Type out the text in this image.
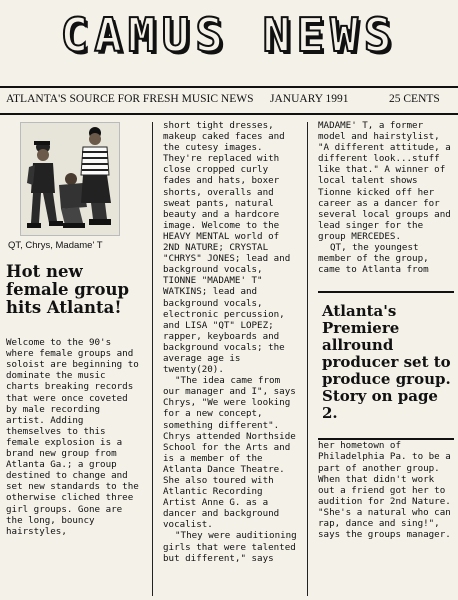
CAMUS NEWS
ATLANTA'S SOURCE FOR FRESH MUSIC NEWS JANUARY 1991	25 CENTS
QT, Chrys, Madame' T
Hot new female group hits Atlanta!

Welcome to the 90's where female groups and soloist are beginning to dominate the music charts breaking records that were once coveted by male recording artist. Adding themselves to this female explosion is a brand new group from Atlanta Ga.; a group destined to change and set new standards to the otherwise cliched three girl groups. Gone are the long, bouncy hairstyles,

short tight dresses, makeup caked faces and the cutesy images. They're replaced with close cropped curly fades and hats, boxer shorts, overalls and sweat pants, natural beauty and a hardcore image. Welcome to the HEAVY MENTAL world of 2ND NATURE; CRYSTAL "CHRYS" JONES; lead and background vocals, TIONNE "MADAME' T" WATKINS; lead and background vocals, electronic percussion, and LISA "QT" LOPEZ; rapper, keyboards and background vocals; the average age is twenty(20).

"The idea came from our manager and I", says Chrys, "We were looking for a new concept, something different". Chrys attended Northside School for the Arts and is a member of the Atlanta Dance Theatre. She also toured with Atlantic Recording Artist Anne G. as a dancer and background vocalist.

"They were auditioning girls that were talented but different," says

MADAME' T, a former model and hairstylist, "A different attitude, a different look...stuff like that." A winner of local talent shows Tionne kicked off her career as a dancer for several local groups and lead singer for the group MERCEDES.

QT, the youngest member of the group, came to Atlanta from

Atlanta's Premiere allround producer set to produce group. Story on page 2.

her hometown of Philadelphia Pa. to be a part of another group. When that didn't work out a friend got her to audition for 2nd Nature. "She's a natural who can rap, dance and sing!", says the groups manager.
